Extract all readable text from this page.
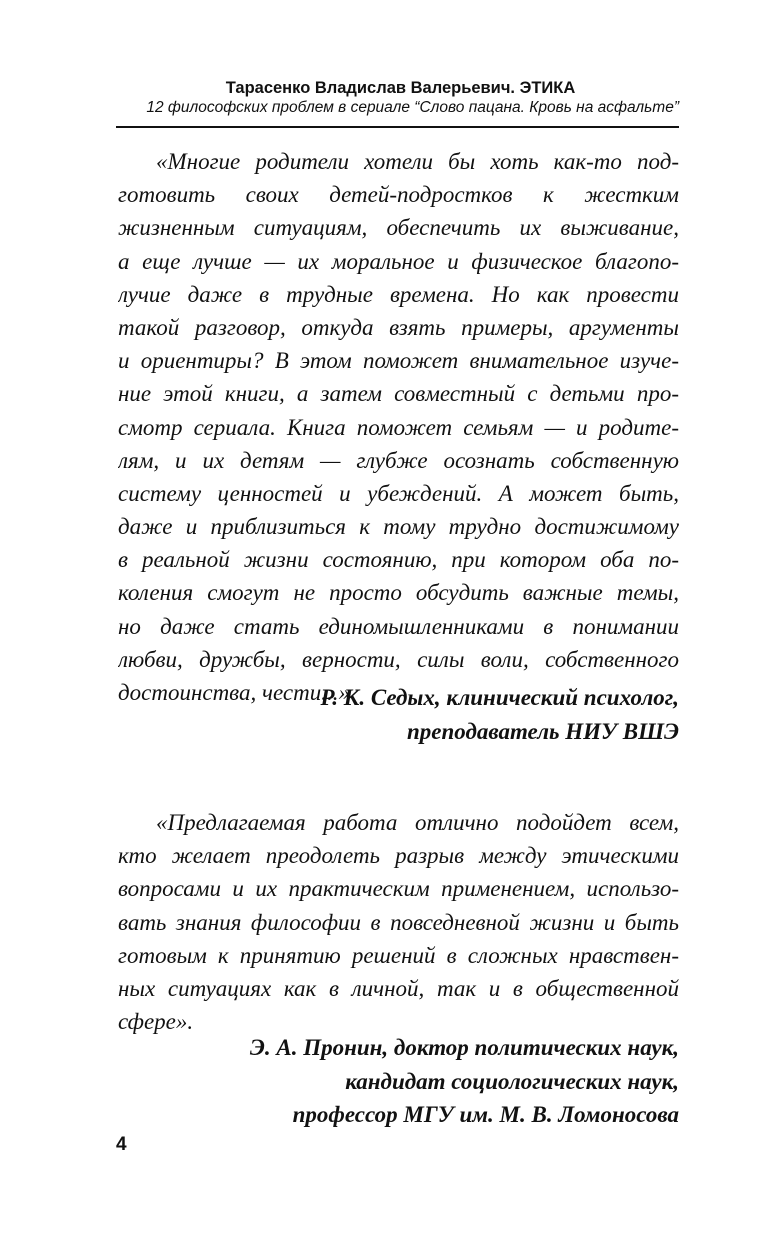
Тарасенко Владислав Валерьевич. ЭТИКА
12 философских проблем в сериале “Слово пацана. Кровь на асфальте”
«Многие родители хотели бы хоть как-то под-
готовить своих детей-подростков к жестким
жизненным ситуациям, обеспечить их выживание,
а еще лучше — их моральное и физическое благопо-
лучие даже в трудные времена. Но как провести
такой разговор, откуда взять примеры, аргументы
и ориентиры? В этом поможет внимательное изуче-
ние этой книги, а затем совместный с детьми про-
смотр сериала. Книга поможет семьям — и родите-
лям, и их детям — глубже осознать собственную
систему ценностей и убеждений. А может быть,
даже и приблизиться к тому трудно достижимому
в реальной жизни состоянию, при котором оба по-
коления смогут не просто обсудить важные темы,
но даже стать единомышленниками в понимании
любви, дружбы, верности, силы воли, собственного
достоинства, чести...»
Р. К. Седых, клинический психолог,
преподаватель НИУ ВШЭ
«Предлагаемая работа отлично подойдет всем,
кто желает преодолеть разрыв между этическими
вопросами и их практическим применением, использо-
вать знания философии в повседневной жизни и быть
готовым к принятию решений в сложных нравствен-
ных ситуациях как в личной, так и в общественной
сфере».
Э. А. Пронин, доктор политических наук,
кандидат социологических наук,
профессор МГУ им. М. В. Ломоносова
4
